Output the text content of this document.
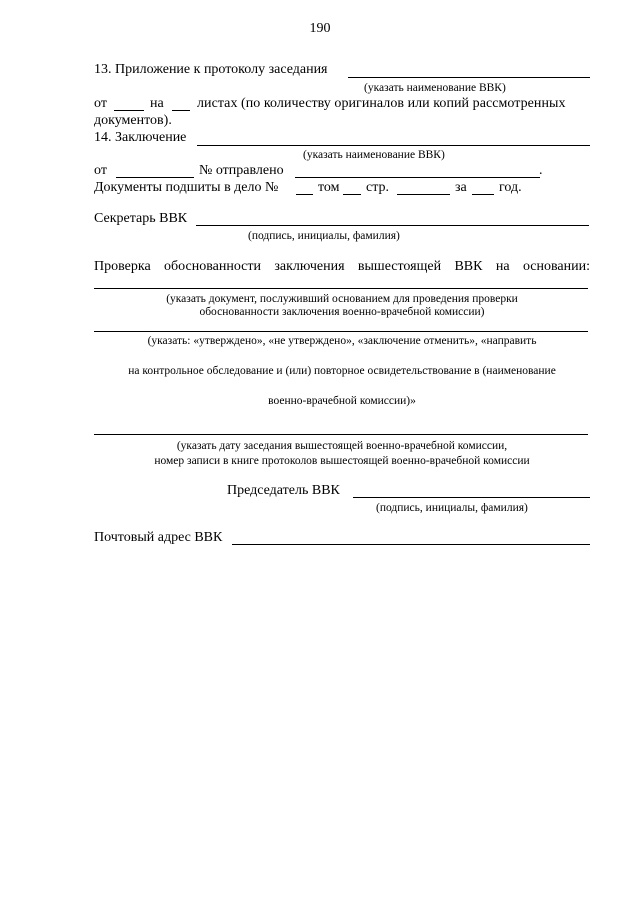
190
13. Приложение к протоколу заседания
(указать наименование ВВК)
от	на листах (по количеству оригиналов или копий рассмотренных
документов).
14. Заключение
(указать наименование ВВК)
от	№ отправлено	.
Документы подшиты в дело №	том стр.	за год.
Секретарь ВВК
(подпись, инициалы, фамилия)
Проверка обоснованности заключения вышестоящей ВВК на основании:
(указать документ, послуживший основанием для проведения проверки
обоснованности заключения военно-врачебной комиссии)
(указать: «утверждено», «не утверждено», «заключение отменить», «направить
на контрольное обследование и (или) повторное освидетельствование в (наименование
военно-врачебной комиссии)»
(указать дату заседания вышестоящей военно-врачебной комиссии,
номер записи в книге протоколов вышестоящей военно-врачебной комиссии
Председатель ВВК
(подпись, инициалы, фамилия)
Почтовый адрес ВВК
